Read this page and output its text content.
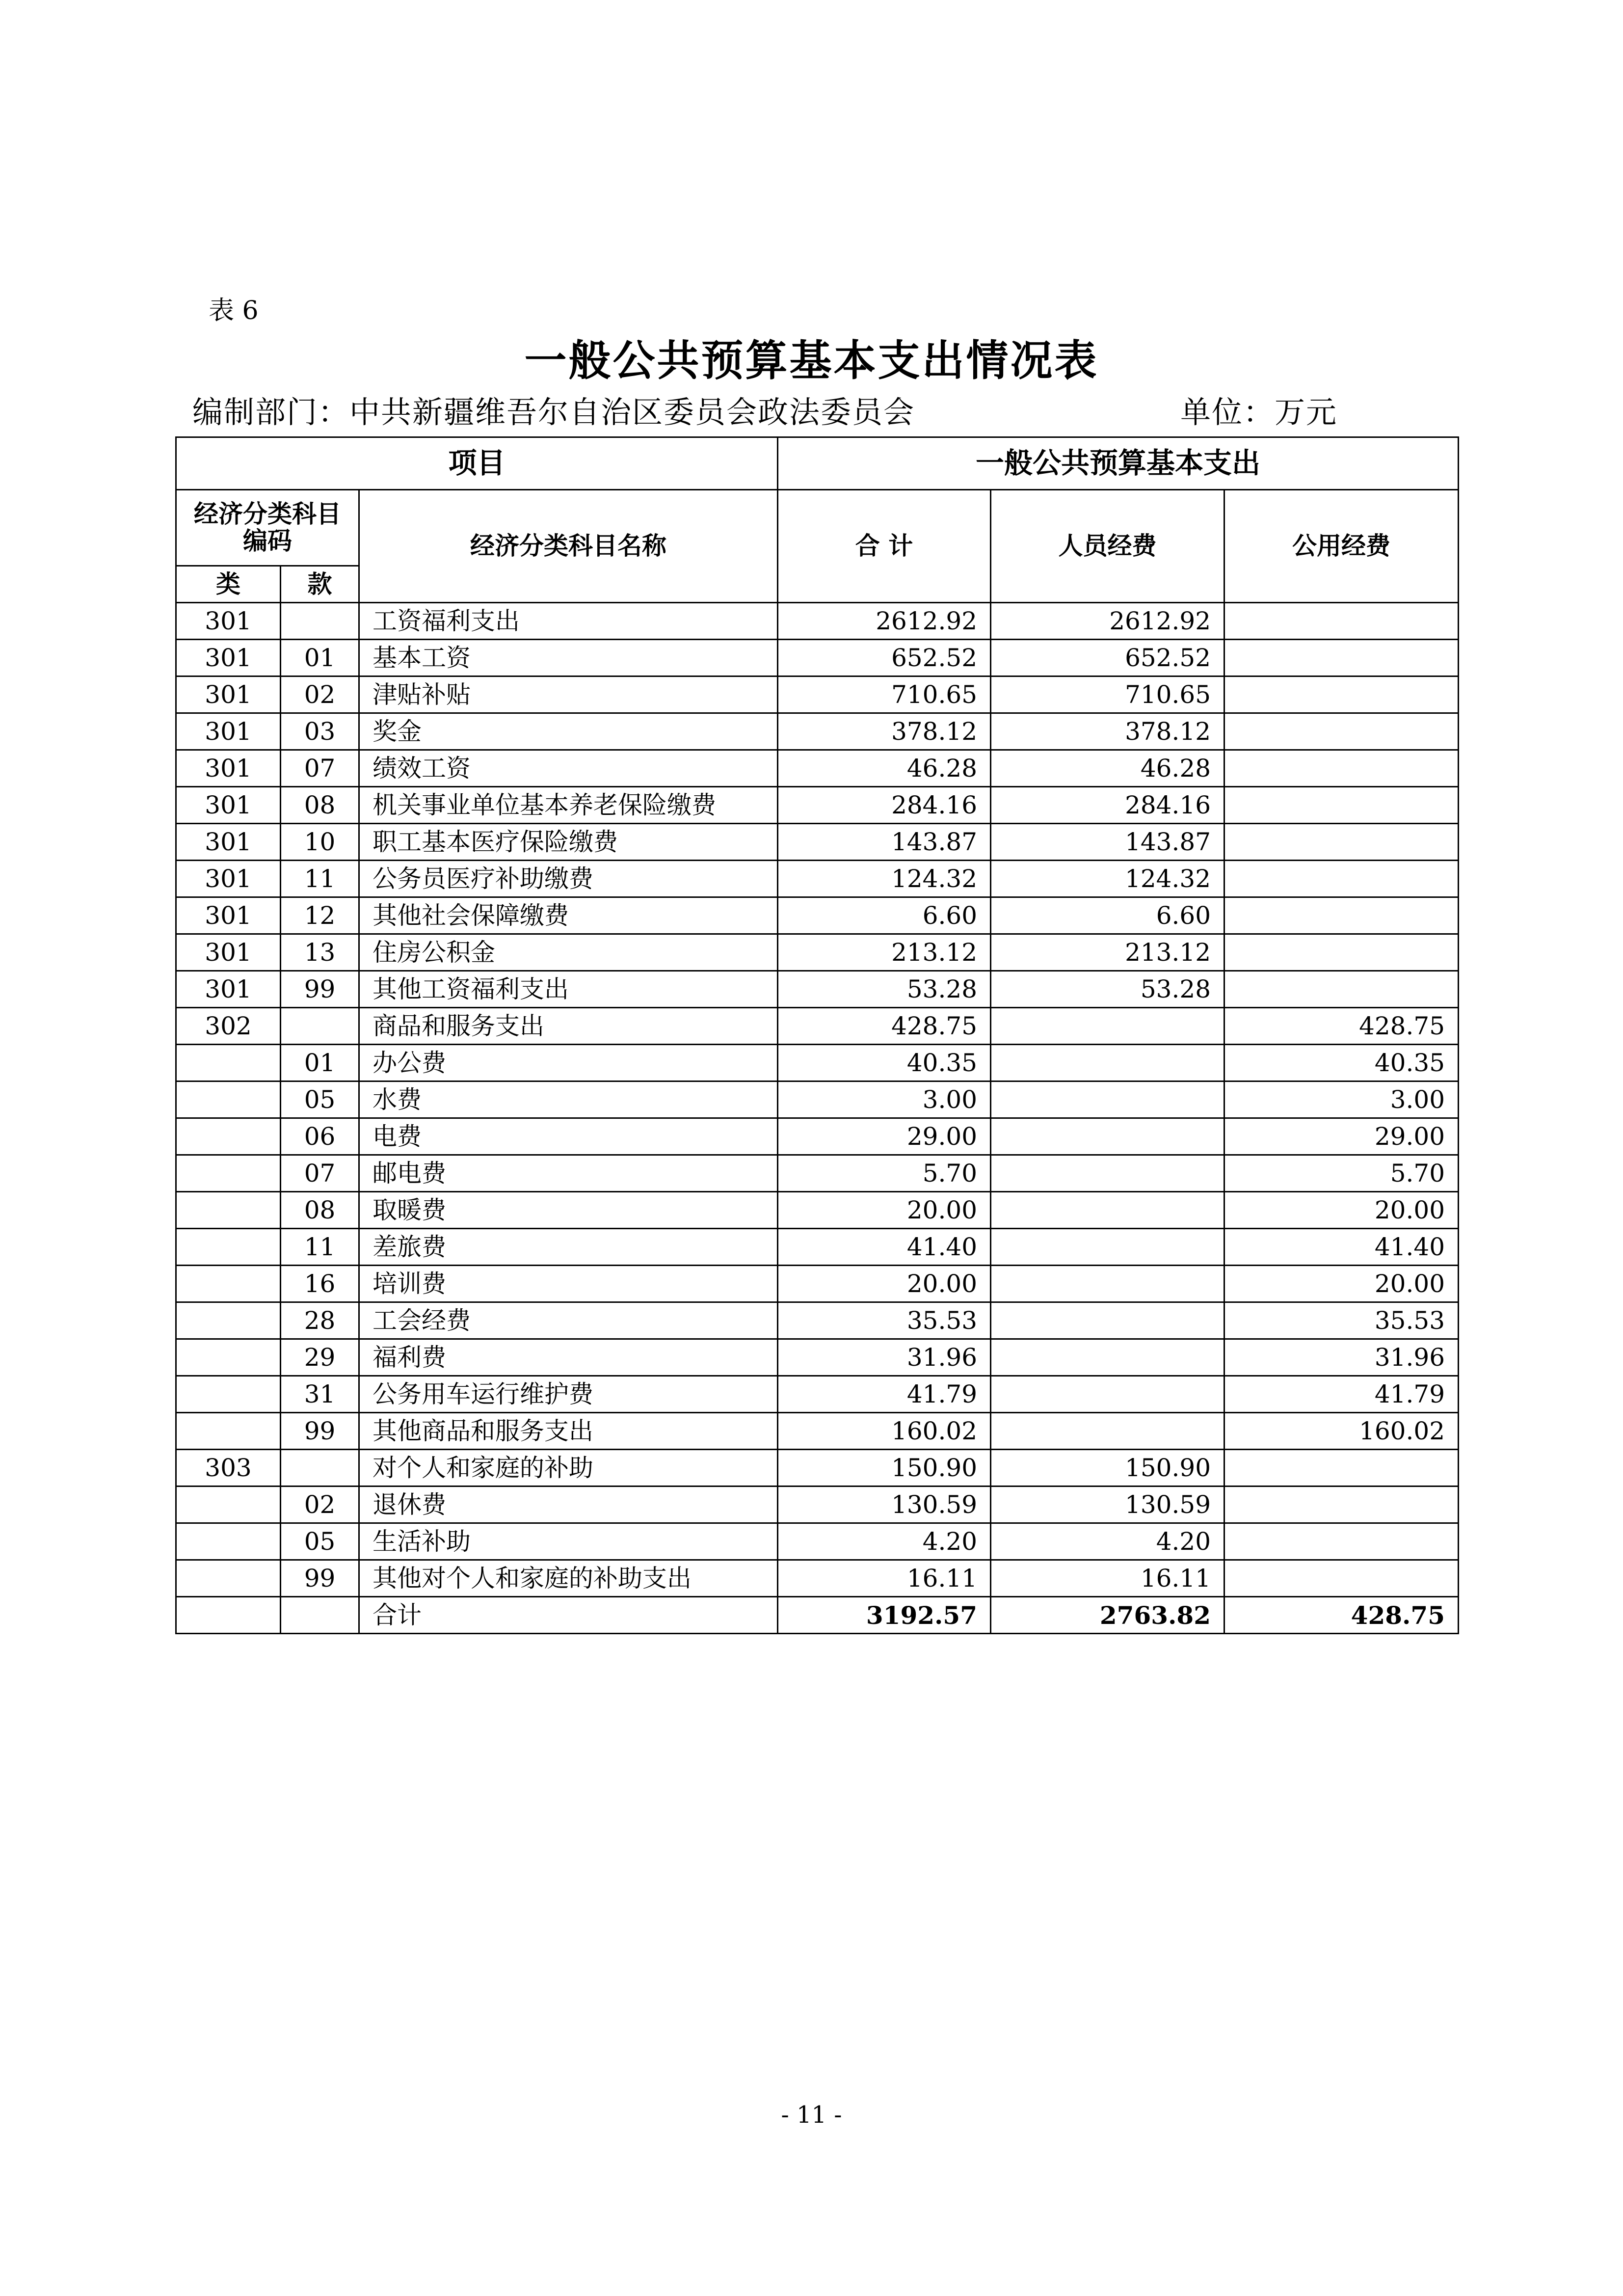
表 6
一般公共预算基本支出情况表
编制部门：中共新疆维吾尔自治区委员会政法委员会	单位：万元
项目			一般公共预算基本支出		
经济分类科目编码		经济分类科目名称	合 计	人员经费	公用经费
类	款				
301		工资福利支出	2612.92	2612.92	
301	01	基本工资	652.52	652.52	
301	02	津贴补贴	710.65	710.65	
301	03	奖金	378.12	378.12	
301	07	绩效工资	46.28	46.28	
301	08	机关事业单位基本养老保险缴费	284.16	284.16	
301	10	职工基本医疗保险缴费	143.87	143.87	
301	11	公务员医疗补助缴费	124.32	124.32	
301	12	其他社会保障缴费	6.60	6.60	
301	13	住房公积金	213.12	213.12	
301	99	其他工资福利支出	53.28	53.28	
302		商品和服务支出	428.75		428.75
	01	办公费	40.35		40.35
	05	水费	3.00		3.00
	06	电费	29.00		29.00
	07	邮电费	5.70		5.70
	08	取暖费	20.00		20.00
	11	差旅费	41.40		41.40
	16	培训费	20.00		20.00
	28	工会经费	35.53		35.53
	29	福利费	31.96		31.96
	31	公务用车运行维护费	41.79		41.79
	99	其他商品和服务支出	160.02		160.02
303		对个人和家庭的补助	150.90	150.90	
	02	退休费	130.59	130.59	
	05	生活补助	4.20	4.20	
	99	其他对个人和家庭的补助支出	16.11	16.11	
		合计	3192.57	2763.82	428.75
- 11 -
